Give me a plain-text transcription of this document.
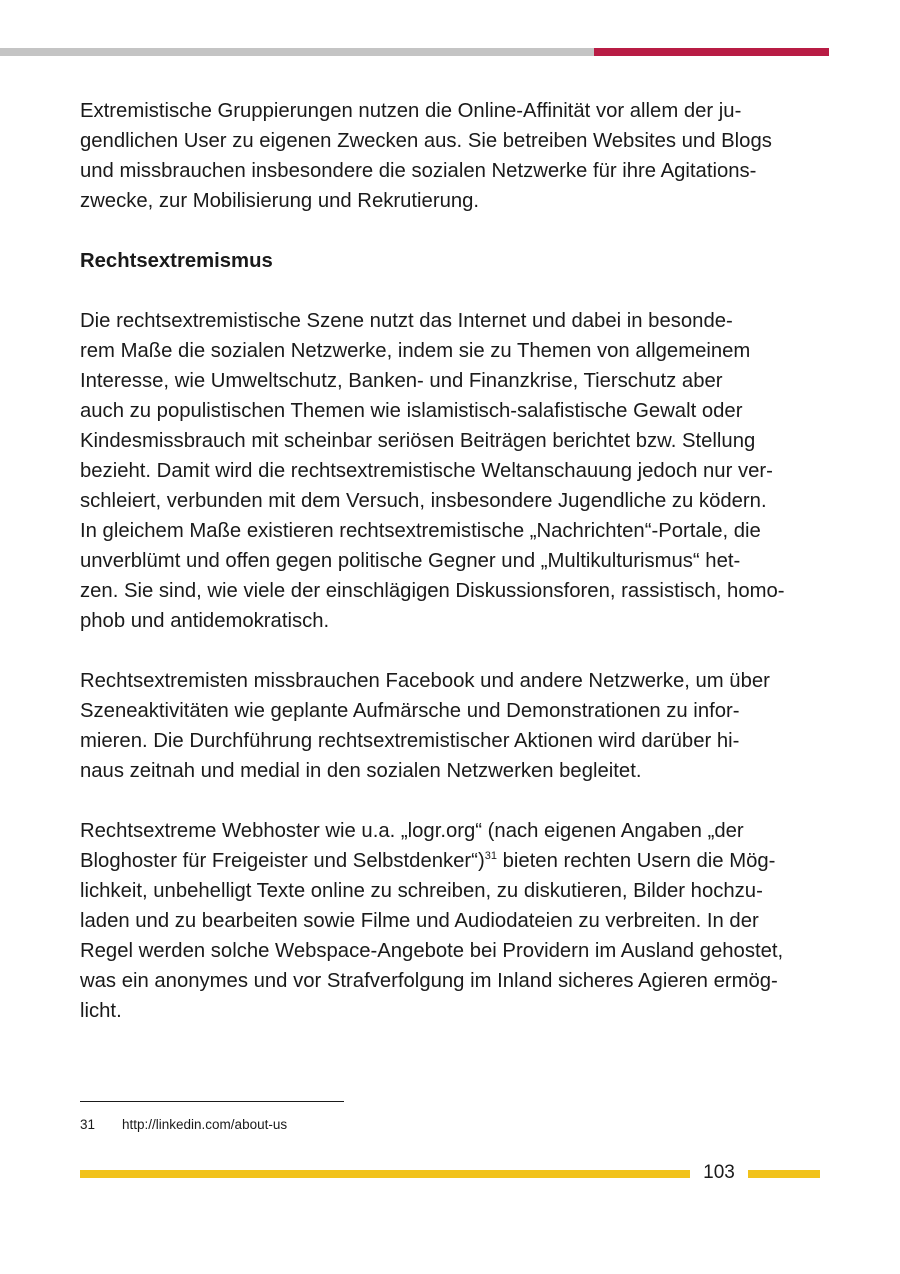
Extremistische Gruppierungen nutzen die Online-Affinität vor allem der ju-
gendlichen User zu eigenen Zwecken aus. Sie betreiben Websites und Blogs
und missbrauchen insbesondere die sozialen Netzwerke für ihre Agitations-
zwecke, zur Mobilisierung und Rekrutierung.

Rechtsextremismus

Die rechtsextremistische Szene nutzt das Internet und dabei in besonde-
rem Maße die sozialen Netzwerke, indem sie zu Themen von allgemeinem
Interesse, wie Umweltschutz, Banken- und Finanzkrise, Tierschutz aber
auch zu populistischen Themen wie islamistisch-salafistische Gewalt oder
Kindesmissbrauch mit scheinbar seriösen Beiträgen berichtet bzw. Stellung
bezieht. Damit wird die rechtsextremistische Weltanschauung jedoch nur ver-
schleiert, verbunden mit dem Versuch, insbesondere Jugendliche zu ködern.
In gleichem Maße existieren rechtsextremistische „Nachrichten“-Portale, die
unverblümt und offen gegen politische Gegner und „Multikulturismus“ het-
zen. Sie sind, wie viele der einschlägigen Diskussionsforen, rassistisch, homo-
phob und antidemokratisch.

Rechtsextremisten missbrauchen Facebook und andere Netzwerke, um über
Szeneaktivitäten wie geplante Aufmärsche und Demonstrationen zu infor-
mieren. Die Durchführung rechtsextremistischer Aktionen wird darüber hi-
naus zeitnah und medial in den sozialen Netzwerken begleitet.

Rechtsextreme Webhoster wie u.a. „logr.org“ (nach eigenen Angaben „der
Bloghoster für Freigeister und Selbstdenker“)$^{31}$ bieten rechten Usern die Mög-
lichkeit, unbehelligt Texte online zu schreiben, zu diskutieren, Bilder hochzu-
laden und zu bearbeiten sowie Filme und Audiodateien zu verbreiten. In der
Regel werden solche Webspace-Angebote bei Providern im Ausland gehostet,
was ein anonymes und vor Strafverfolgung im Inland sicheres Agieren ermög-
licht.

31 http://linkedin.com/about-us
103
